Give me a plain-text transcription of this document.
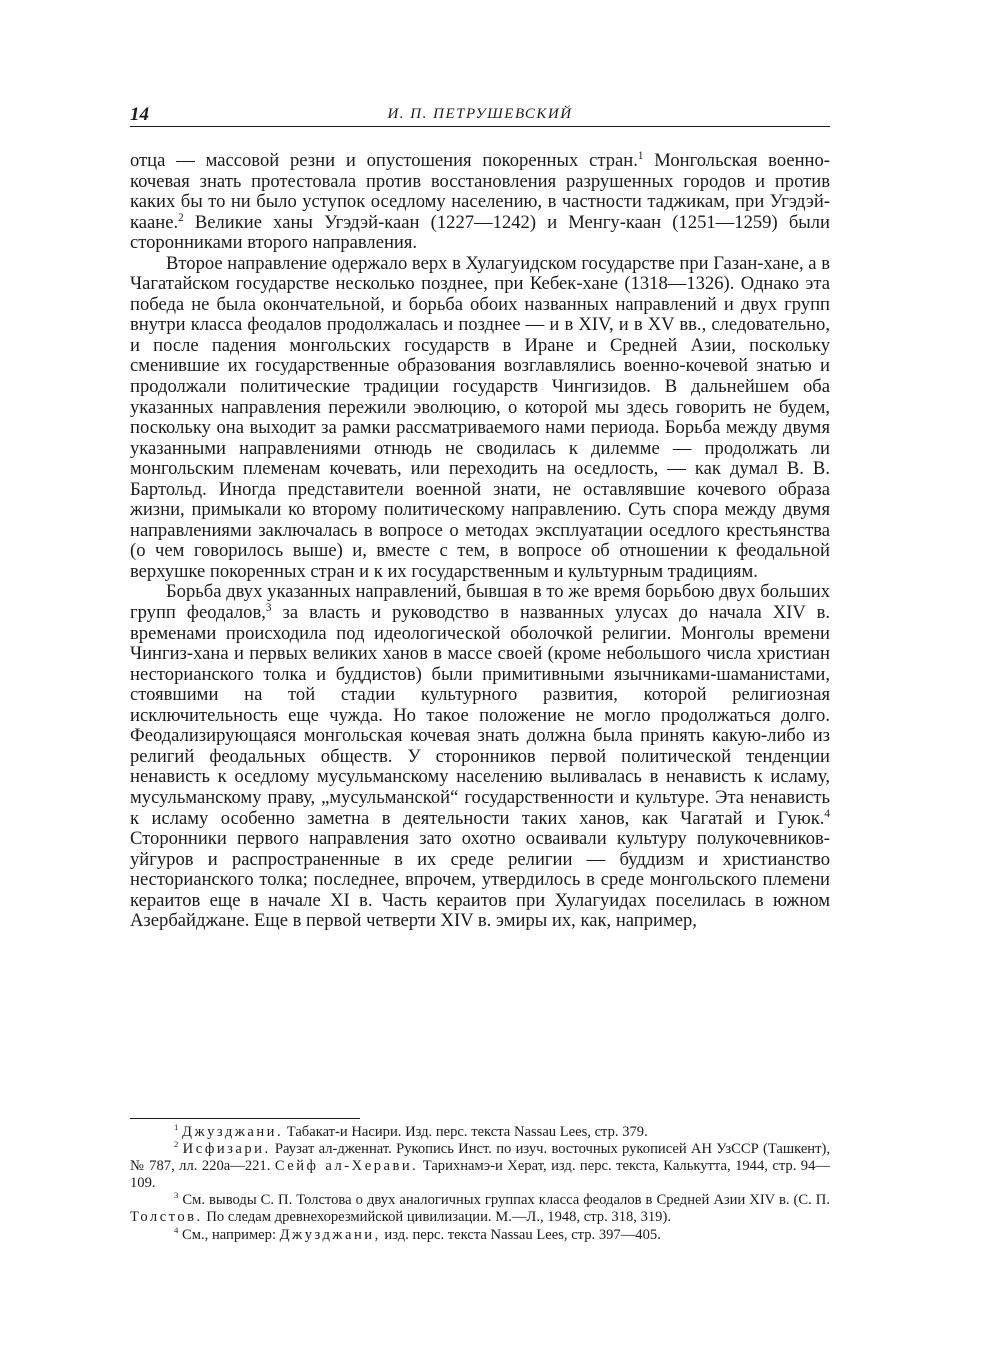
14	И. П. ПЕТРУШЕВСКИЙ

отца — массовой резни и опустошения покоренных стран.$^1$ Монгольская военно-кочевая знать протестовала против восстановления разрушенных городов и против каких бы то ни было уступок оседлому населению, в частности таджикам, при Угэдэй-каане.$^2$ Великие ханы Угэдэй-каан (1227—1242) и Менгу-каан (1251—1259) были сторонниками второго направления.

Второе направление одержало верх в Хулагуидском государстве при Газан-хане, а в Чагатайском государстве несколько позднее, при Кебек-хане (1318—1326). Однако эта победа не была окончательной, и борьба обоих названных направлений и двух групп внутри класса феодалов продолжалась и позднее — и в XIV, и в XV вв., следовательно, и после падения монгольских государств в Иране и Средней Азии, поскольку сменившие их государственные образования возглавлялись военно-кочевой знатью и продолжали политические традиции государств Чингизидов. В дальнейшем оба указанных направления пережили эволюцию, о которой мы здесь говорить не будем, поскольку она выходит за рамки рассматриваемого нами периода. Борьба между двумя указанными направлениями отнюдь не сводилась к дилемме — продолжать ли монгольским племенам кочевать, или переходить на оседлость, — как думал В. В. Бартольд. Иногда представители военной знати, не оставлявшие кочевого образа жизни, примыкали ко второму политическому направлению. Суть спора между двумя направлениями заключалась в вопросе о методах эксплуатации оседлого крестьянства (о чем говорилось выше) и, вместе с тем, в вопросе об отношении к феодальной верхушке покоренных стран и к их государственным и культурным традициям.

Борьба двух указанных направлений, бывшая в то же время борьбою двух больших групп феодалов,$^3$ за власть и руководство в названных улусах до начала XIV в. временами происходила под идеологической оболочкой религии. Монголы времени Чингиз-хана и первых великих ханов в массе своей (кроме небольшого числа христиан несторианского толка и буддистов) были примитивными язычниками-шаманистами, стоявшими на той стадии культурного развития, которой религиозная исключительность еще чужда. Но такое положение не могло продолжаться долго. Феодализирующаяся монгольская кочевая знать должна была принять какую-либо из религий феодальных обществ. У сторонников первой политической тенденции ненависть к оседлому мусульманскому населению выливалась в ненависть к исламу, мусульманскому праву, „мусульманской“ государственности и культуре. Эта ненависть к исламу особенно заметна в деятельности таких ханов, как Чагатай и Гуюк.$^4$ Сторонники первого направления зато охотно осваивали культуру полукочевников-уйгуров и распространенные в их среде религии — буддизм и христианство несторианского толка; последнее, впрочем, утвердилось в среде монгольского племени кераитов еще в начале XI в. Часть кераитов при Хулагуидах поселилась в южном Азербайджане. Еще в первой четверти XIV в. эмиры их, как, например,

$^1$ Джузджани. Табакат-и Насири. Изд. перс. текста Nassau Lees, стр. 379.

$^2$ Исфизари. Раузат ал-дженнат. Рукопись Инст. по изуч. восточных рукописей АН УзССР (Ташкент), № 787, лл. 220а—221. Сейф ал-Херави. Тарихнамэ-и Херат, изд. перс. текста, Калькутта, 1944, стр. 94—109.

$^3$ См. выводы С. П. Толстова о двух аналогичных группах класса феодалов в Средней Азии XIV в. (С. П. Толстов. По следам древнехорезмийской цивилизации. М.—Л., 1948, стр. 318, 319).

$^4$ См., например: Джузджани, изд. перс. текста Nassau Lees, стр. 397—405.
